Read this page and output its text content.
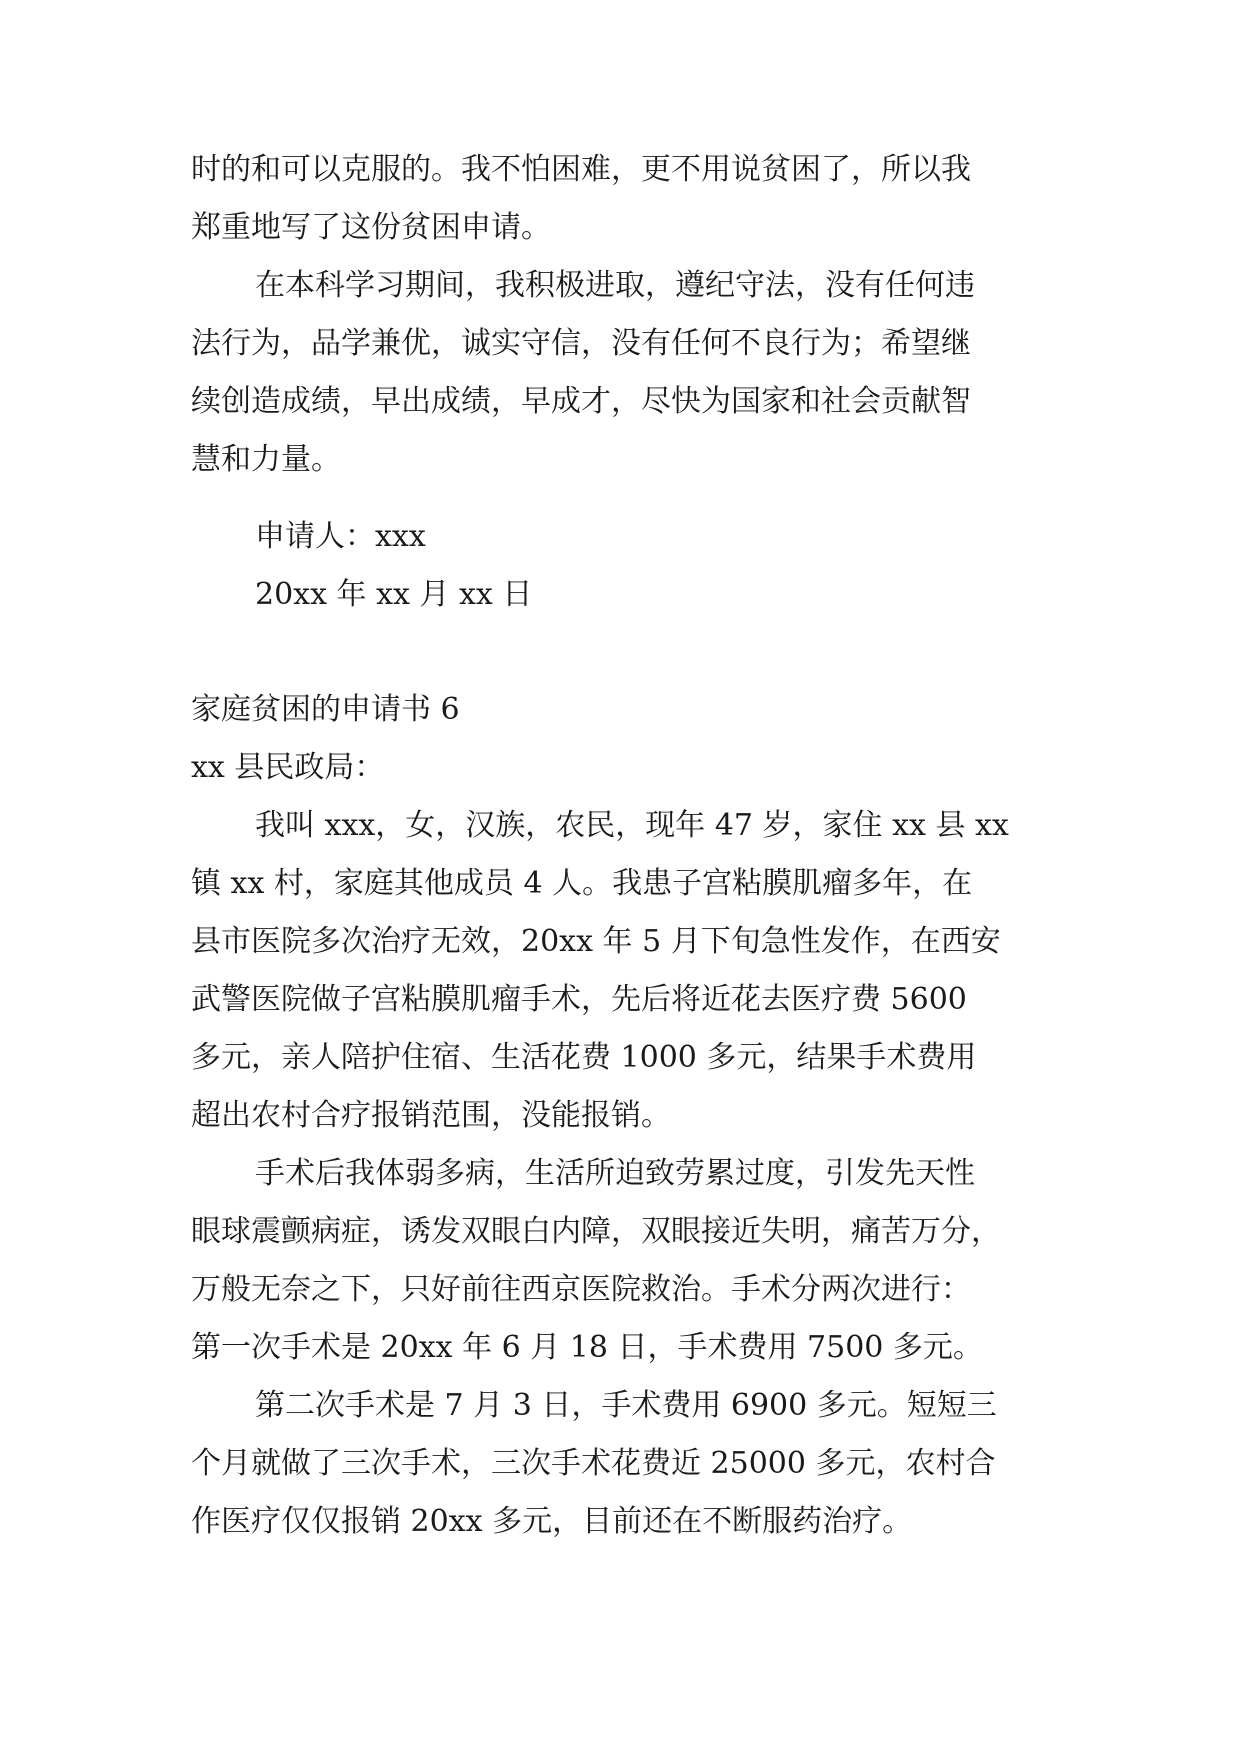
时的和可以克服的。我不怕困难，更不用说贫困了，所以我
郑重地写了这份贫困申请。
在本科学习期间，我积极进取，遵纪守法，没有任何违
法行为，品学兼优，诚实守信，没有任何不良行为；希望继
续创造成绩，早出成绩，早成才，尽快为国家和社会贡献智
慧和力量。
申请人：xxx
20xx 年 xx 月 xx 日
家庭贫困的申请书 6
xx 县民政局：
我叫 xxx，女，汉族，农民，现年 47 岁，家住 xx 县 xx
镇 xx 村，家庭其他成员 4 人。我患子宫粘膜肌瘤多年，在
县市医院多次治疗无效，20xx 年 5 月下旬急性发作，在西安
武警医院做子宫粘膜肌瘤手术，先后将近花去医疗费 5600
多元，亲人陪护住宿、生活花费 1000 多元，结果手术费用
超出农村合疗报销范围，没能报销。
手术后我体弱多病，生活所迫致劳累过度，引发先天性
眼球震颤病症，诱发双眼白内障，双眼接近失明，痛苦万分，
万般无奈之下，只好前往西京医院救治。手术分两次进行：
第一次手术是 20xx 年 6 月 18 日，手术费用 7500 多元。
第二次手术是 7 月 3 日，手术费用 6900 多元。短短三
个月就做了三次手术，三次手术花费近 25000 多元，农村合
作医疗仅仅报销 20xx 多元，目前还在不断服药治疗。
